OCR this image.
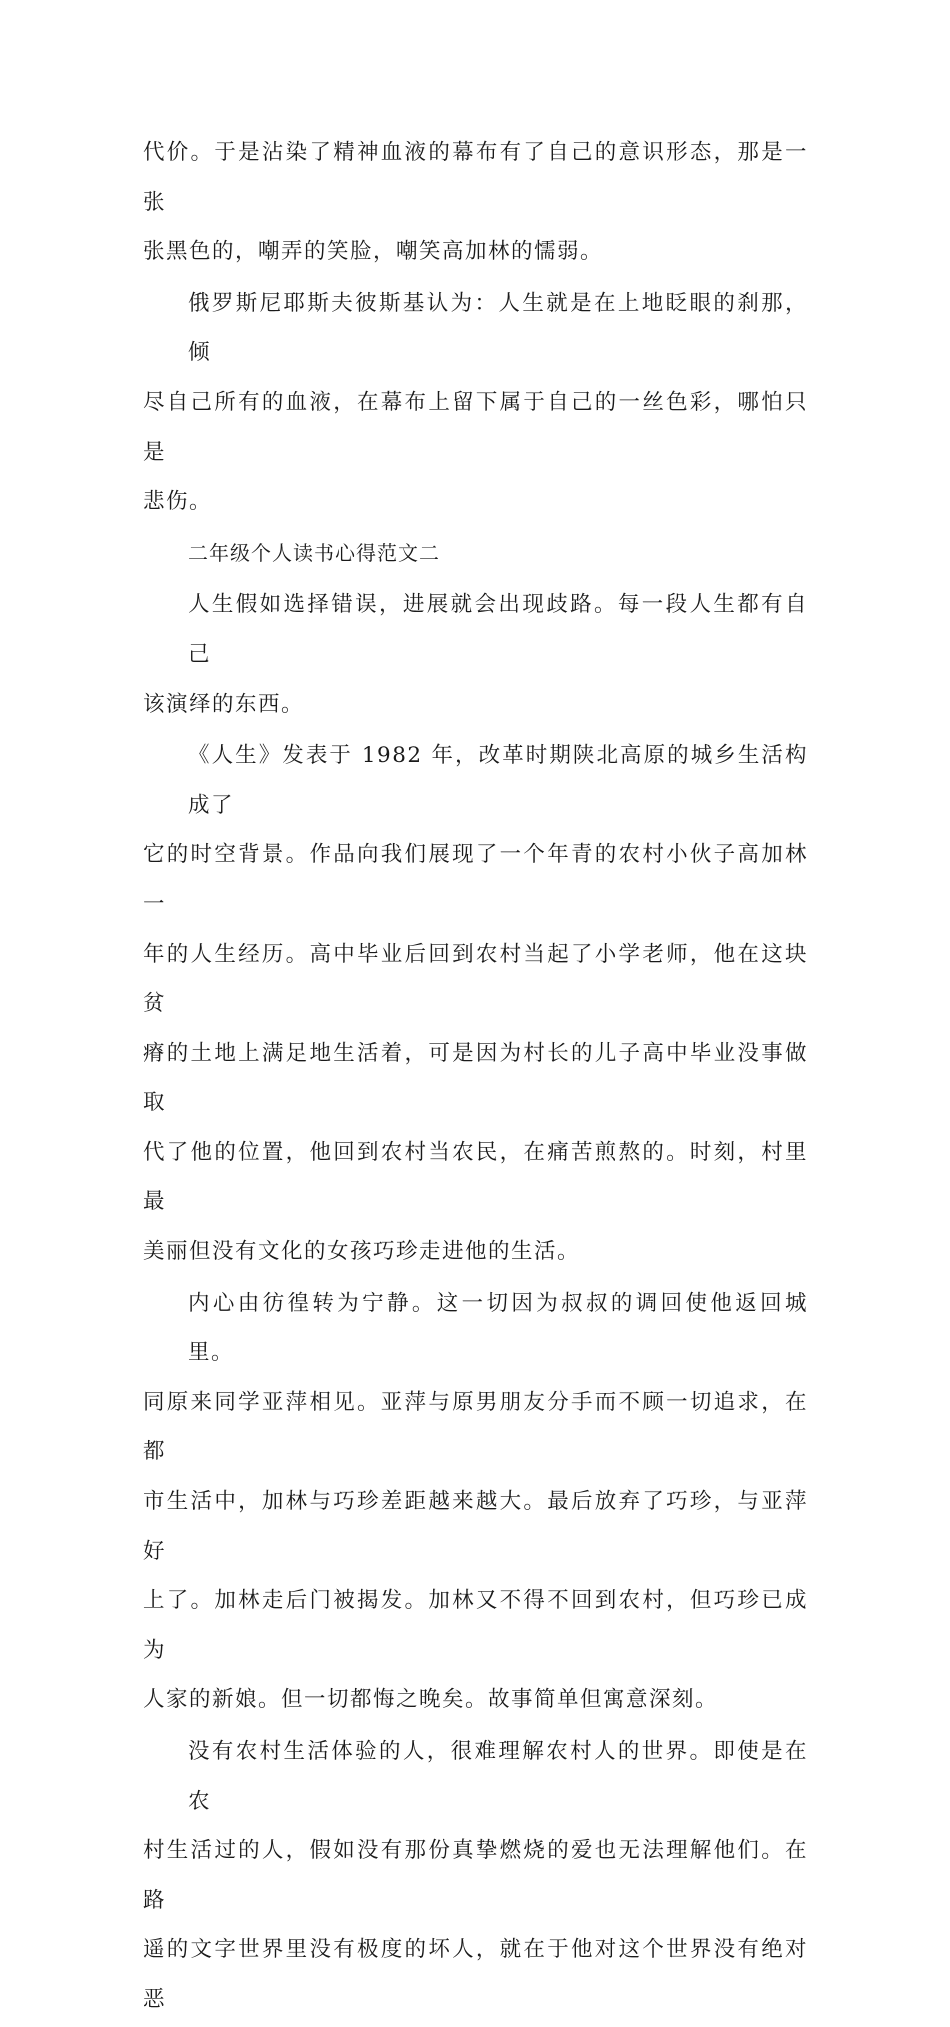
代价。于是沾染了精神血液的幕布有了自己的意识形态，那是一张
张黑色的，嘲弄的笑脸，嘲笑高加林的懦弱。

俄罗斯尼耶斯夫彼斯基认为：人生就是在上地眨眼的刹那，倾
尽自己所有的血液，在幕布上留下属于自己的一丝色彩，哪怕只是
悲伤。

二年级个人读书心得范文二

人生假如选择错误，进展就会出现歧路。每一段人生都有自己
该演绎的东西。

《人生》发表于 1982 年，改革时期陕北高原的城乡生活构成了
它的时空背景。作品向我们展现了一个年青的农村小伙子高加林一
年的人生经历。高中毕业后回到农村当起了小学老师，他在这块贫
瘠的土地上满足地生活着，可是因为村长的儿子高中毕业没事做取
代了他的位置，他回到农村当农民，在痛苦煎熬的。时刻，村里最
美丽但没有文化的女孩巧珍走进他的生活。

内心由彷徨转为宁静。这一切因为叔叔的调回使他返回城里。
同原来同学亚萍相见。亚萍与原男朋友分手而不顾一切追求，在都
市生活中，加林与巧珍差距越来越大。最后放弃了巧珍，与亚萍好
上了。加林走后门被揭发。加林又不得不回到农村，但巧珍已成为
人家的新娘。但一切都悔之晚矣。故事简单但寓意深刻。

没有农村生活体验的人，很难理解农村人的世界。即使是在农
村生活过的人，假如没有那份真挚燃烧的爱也无法理解他们。在路
遥的文字世界里没有极度的坏人，就在于他对这个世界没有绝对恶
